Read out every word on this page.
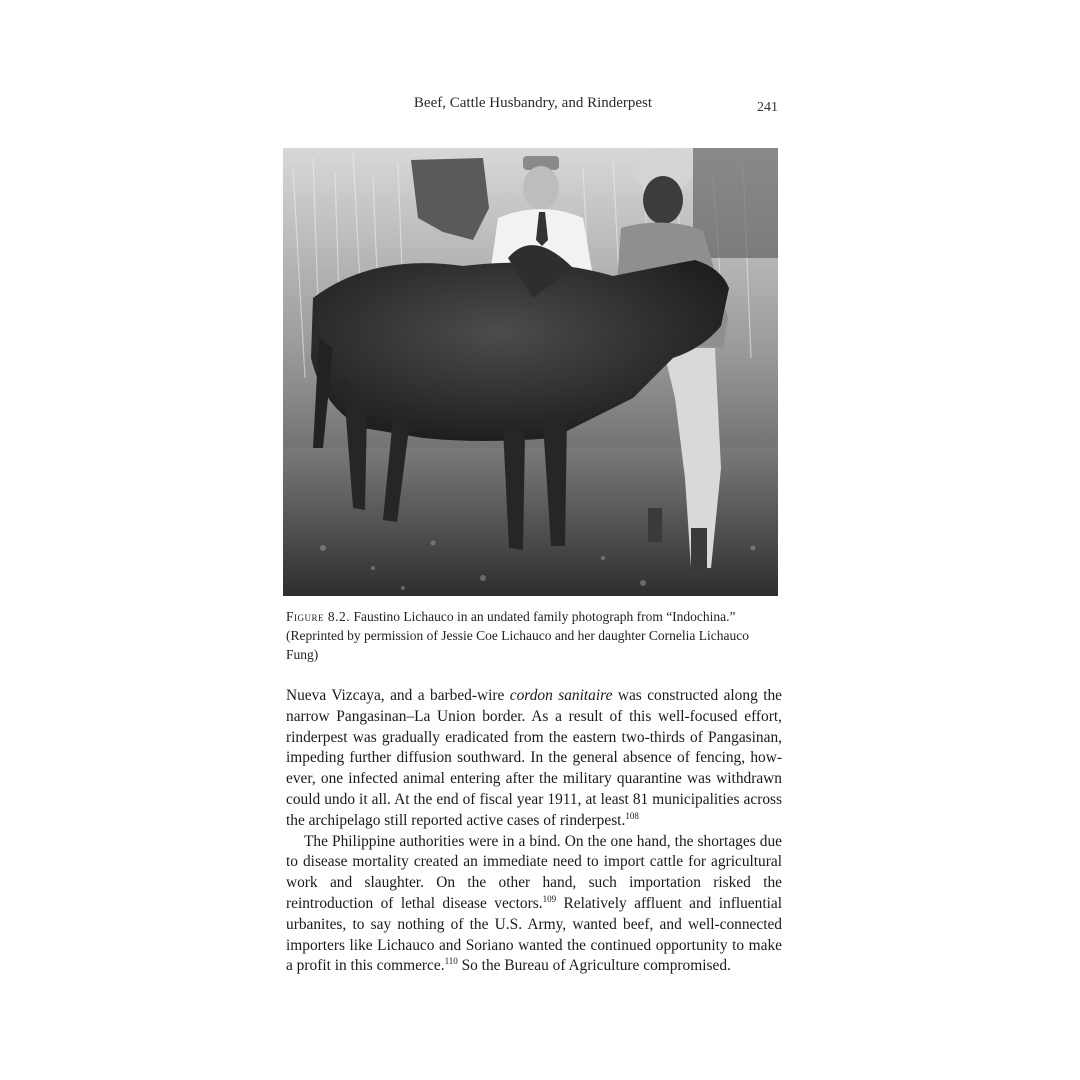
Beef, Cattle Husbandry, and Rinderpest	241
Figure 8.2. Faustino Lichauco in an undated family photograph from “Indochina.” (Reprinted by permission of Jessie Coe Lichauco and her daughter Cornelia Lichauco Fung)

Nueva Vizcaya, and a barbed-wire cordon sanitaire was constructed along the narrow Pangasinan–La Union border. As a result of this well-focused effort, rinderpest was gradually eradicated from the eastern two-thirds of Pangasinan, impeding further diffusion southward. In the general absence of fencing, however, one infected animal entering after the military quarantine was withdrawn could undo it all. At the end of fiscal year 1911, at least 81 municipalities across the archipelago still reported active cases of rinderpest.$^{108}$

The Philippine authorities were in a bind. On the one hand, the shortages due to disease mortality created an immediate need to import cattle for agricultural work and slaughter. On the other hand, such importation risked the reintroduction of lethal disease vectors.$^{109}$ Relatively affluent and influential urbanites, to say nothing of the U.S. Army, wanted beef, and well-connected importers like Lichauco and Soriano wanted the continued opportunity to make a profit in this commerce.$^{110}$ So the Bureau of Agriculture compromised.
